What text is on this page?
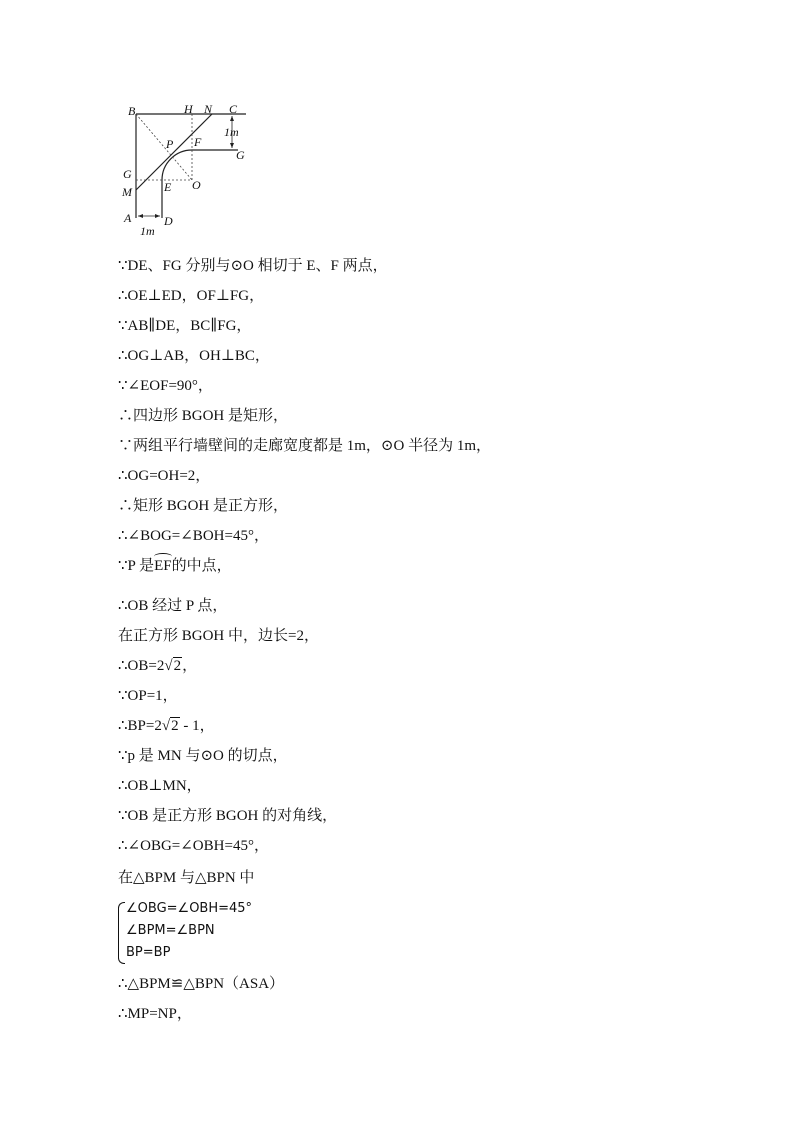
B	H N C
1m
P F
G
G
M	E O
A	D
1m
∵DE、FG 分别与⊙O 相切于 E、F 两点，
∴OE⊥ED，OF⊥FG，
∵AB∥DE，BC∥FG，
∴OG⊥AB，OH⊥BC，
∵∠EOF=90°，
∴四边形 BGOH 是矩形，
∵两组平行墙壁间的走廊宽度都是 1m，⊙O 半径为 1m，
∴OG=OH=2，
∴矩形 BGOH 是正方形，
∴∠BOG=∠BOH=45°，
∵P 是EF的中点，
∴OB 经过 P 点，
在正方形 BGOH 中，边长=2，
∴OB=2√2，
∵OP=1，
∴BP=2√2 - 1，
∵p 是 MN 与⊙O 的切点，
∴OB⊥MN，
∵OB 是正方形 BGOH 的对角线，
∴∠OBG=∠OBH=45°，
在△BPM 与△BPN 中
∠OBG=∠OBH=45°
∠BPM=∠BPN
BP=BP
∴△BPM≌△BPN（ASA）
∴MP=NP，
